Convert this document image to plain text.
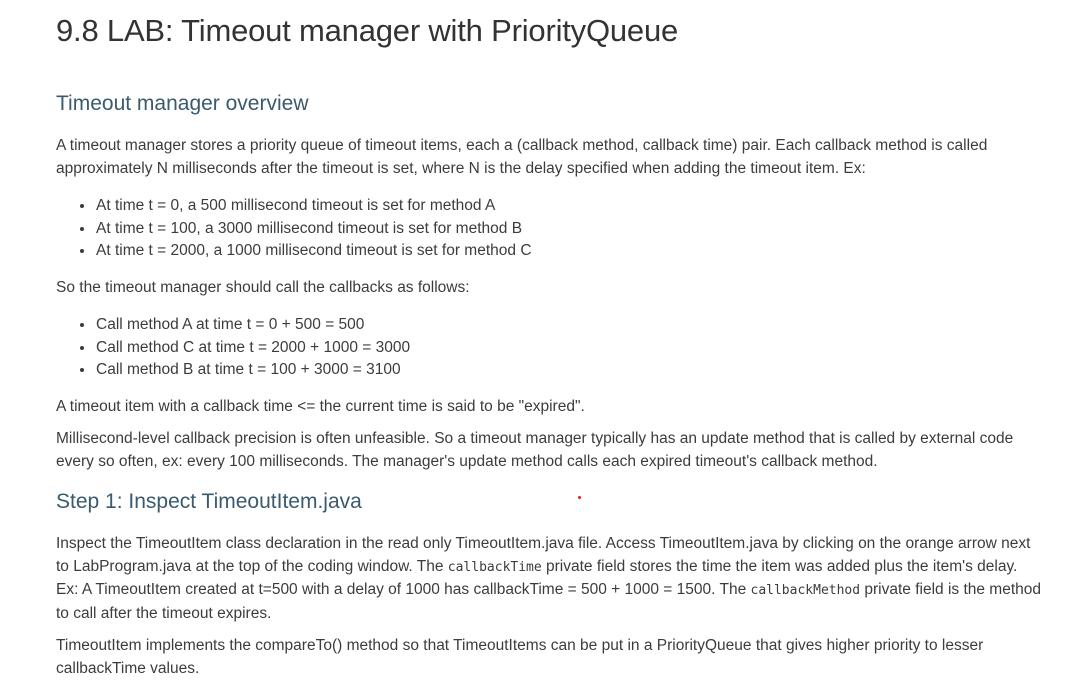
9.8 LAB: Timeout manager with PriorityQueue
Timeout manager overview

A timeout manager stores a priority queue of timeout items, each a (callback method, callback time) pair. Each callback method is called approximately N milliseconds after the timeout is set, where N is the delay specified when adding the timeout item. Ex:

• At time t = 0, a 500 millisecond timeout is set for method A
• At time t = 100, a 3000 millisecond timeout is set for method B
• At time t = 2000, a 1000 millisecond timeout is set for method C

So the timeout manager should call the callbacks as follows:

• Call method A at time t = 0 + 500 = 500
• Call method C at time t = 2000 + 1000 = 3000
• Call method B at time t = 100 + 3000 = 3100

A timeout item with a callback time <= the current time is said to be "expired".

Millisecond-level callback precision is often unfeasible. So a timeout manager typically has an update method that is called by external code every so often, ex: every 100 milliseconds. The manager's update method calls each expired timeout's callback method.

Step 1: Inspect TimeoutItem.java

Inspect the TimeoutItem class declaration in the read only TimeoutItem.java file. Access TimeoutItem.java by clicking on the orange arrow next to LabProgram.java at the top of the coding window. The callbackTime private field stores the time the item was added plus the item's delay. Ex: A TimeoutItem created at t=500 with a delay of 1000 has callbackTime = 500 + 1000 = 1500. The callbackMethod private field is the method to call after the timeout expires.

TimeoutItem implements the compareTo() method so that TimeoutItems can be put in a PriorityQueue that gives higher priority to lesser callbackTime values.
